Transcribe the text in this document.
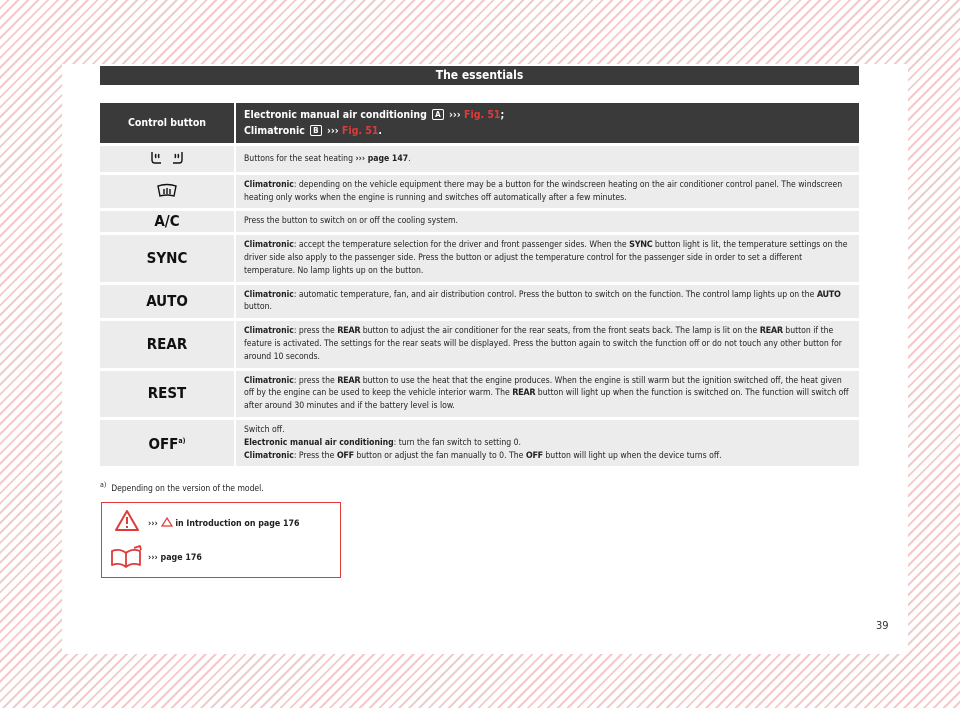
The essentials
Control button	Electronic manual air conditioning A ››› Fig. 51;
Climatronic B ››› Fig. 51.
	Buttons for the seat heating ››› page 147.
	Climatronic: depending on the vehicle equipment there may be a button for the windscreen heating on the air conditioner control panel. The windscreen heating only works when the engine is running and switches off automatically after a few minutes.
A/C	Press the button to switch on or off the cooling system.
SYNC	Climatronic: accept the temperature selection for the driver and front passenger sides. When the SYNC button light is lit, the temperature settings on the driver side also apply to the passenger side. Press the button or adjust the temperature control for the passenger side in order to set a different temperature. No lamp lights up on the button.
AUTO	Climatronic: automatic temperature, fan, and air distribution control. Press the button to switch on the function. The control lamp lights up on the AUTO button.
REAR	Climatronic: press the REAR button to adjust the air conditioner for the rear seats, from the front seats back. The lamp is lit on the REAR button if the feature is activated. The settings for the rear seats will be displayed. Press the button again to switch the function off or do not touch any other button for around 10 seconds.
REST	Climatronic: press the REAR button to use the heat that the engine produces. When the engine is still warm but the ignition switched off, the heat given off by the engine can be used to keep the vehicle interior warm. The REAR button will light up when the function is switched on. The function will switch off after around 30 minutes and if the battery level is low.
OFF$^{a)}$	Switch off.
Electronic manual air conditioning: turn the fan switch to setting 0.
Climatronic: Press the OFF button or adjust the fan manually to 0. The OFF button will light up when the device turns off.
$^{a)}$ Depending on the version of the model.
››› in Introduction on page 176
››› page 176
39
